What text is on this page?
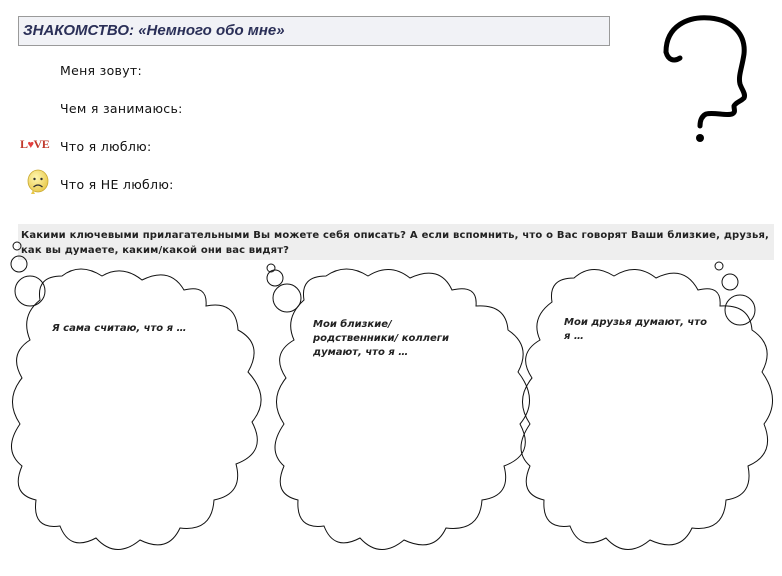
ЗНАКОМСТВО: «Немного обо мне»
Меня зовут:
Чем я занимаюсь:
Что я люблю:
Что я НЕ люблю:
L♥VE
Какими ключевыми прилагательными Вы можете себя описать? А если вспомнить, что о Вас говорят Ваши близкие, друзья, как вы думаете, каким/какой они вас видят?
Я сама считаю, что я …	Мои близкие/родственники/ коллеги думают, что я …
Мои друзья думают, что я …
